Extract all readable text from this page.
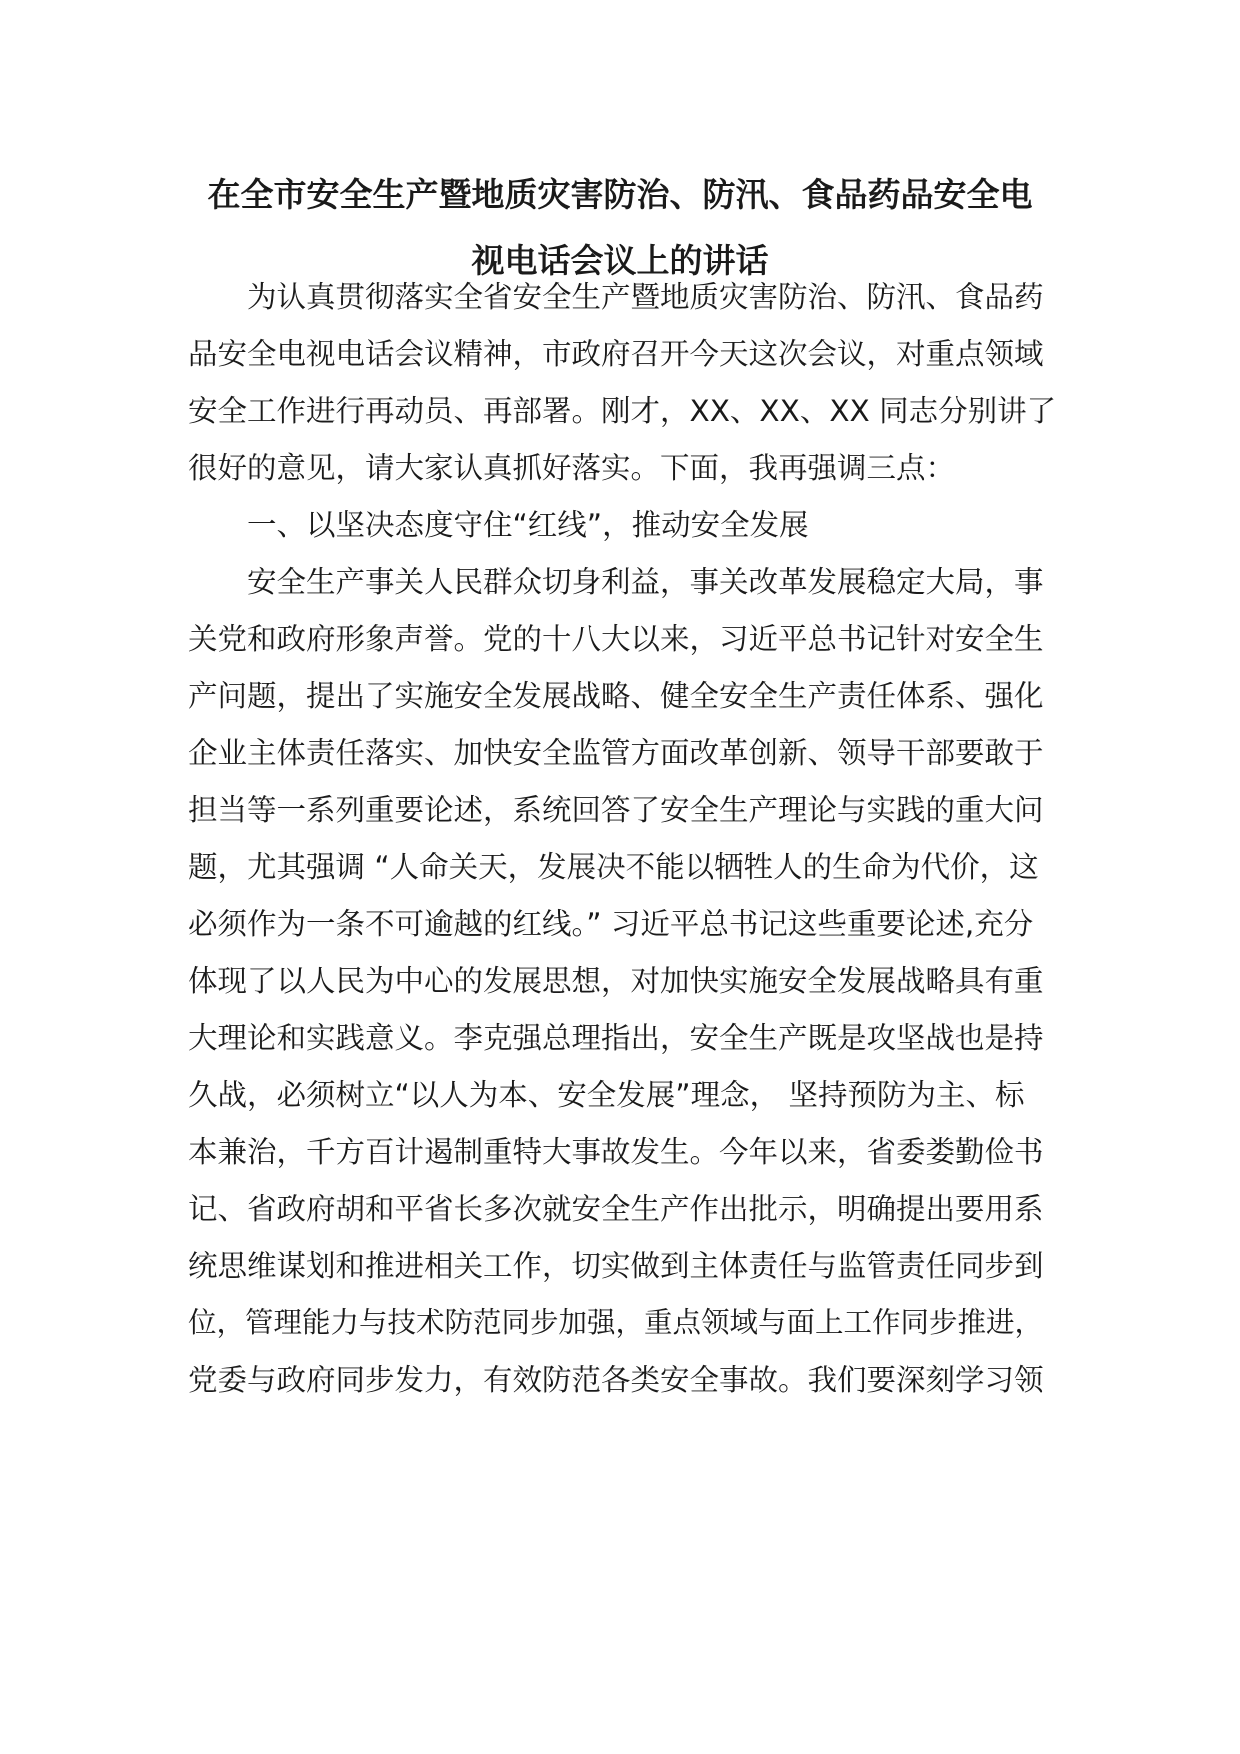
在全市安全生产暨地质灾害防治、防汛、食品药品安全电
视电话会议上的讲话

　　为认真贯彻落实全省安全生产暨地质灾害防治、防汛、食品药

品安全电视电话会议精神，市政府召开今天这次会议，对重点领域

安全工作进行再动员、再部署。刚才，XX、XX、XX 同志分别讲了

很好的意见，请大家认真抓好落实。下面，我再强调三点：

　　一、以坚决态度守住“红线”，推动安全发展

　　安全生产事关人民群众切身利益，事关改革发展稳定大局，事

关党和政府形象声誉。党的十八大以来，习近平总书记针对安全生

产问题，提出了实施安全发展战略、健全安全生产责任体系、强化

企业主体责任落实、加快安全监管方面改革创新、领导干部要敢于

担当等一系列重要论述，系统回答了安全生产理论与实践的重大问

题，尤其强调 “人命关天，发展决不能以牺牲人的生命为代价，这

必须作为一条不可逾越的红线。” 习近平总书记这些重要论述,充分

体现了以人民为中心的发展思想，对加快实施安全发展战略具有重

大理论和实践意义。李克强总理指出，安全生产既是攻坚战也是持

久战，必须树立“以人为本、安全发展”理念， 坚持预防为主、标

本兼治，千方百计遏制重特大事故发生。今年以来，省委娄勤俭书

记、省政府胡和平省长多次就安全生产作出批示，明确提出要用系

统思维谋划和推进相关工作，切实做到主体责任与监管责任同步到

位，管理能力与技术防范同步加强，重点领域与面上工作同步推进，

党委与政府同步发力，有效防范各类安全事故。我们要深刻学习领
